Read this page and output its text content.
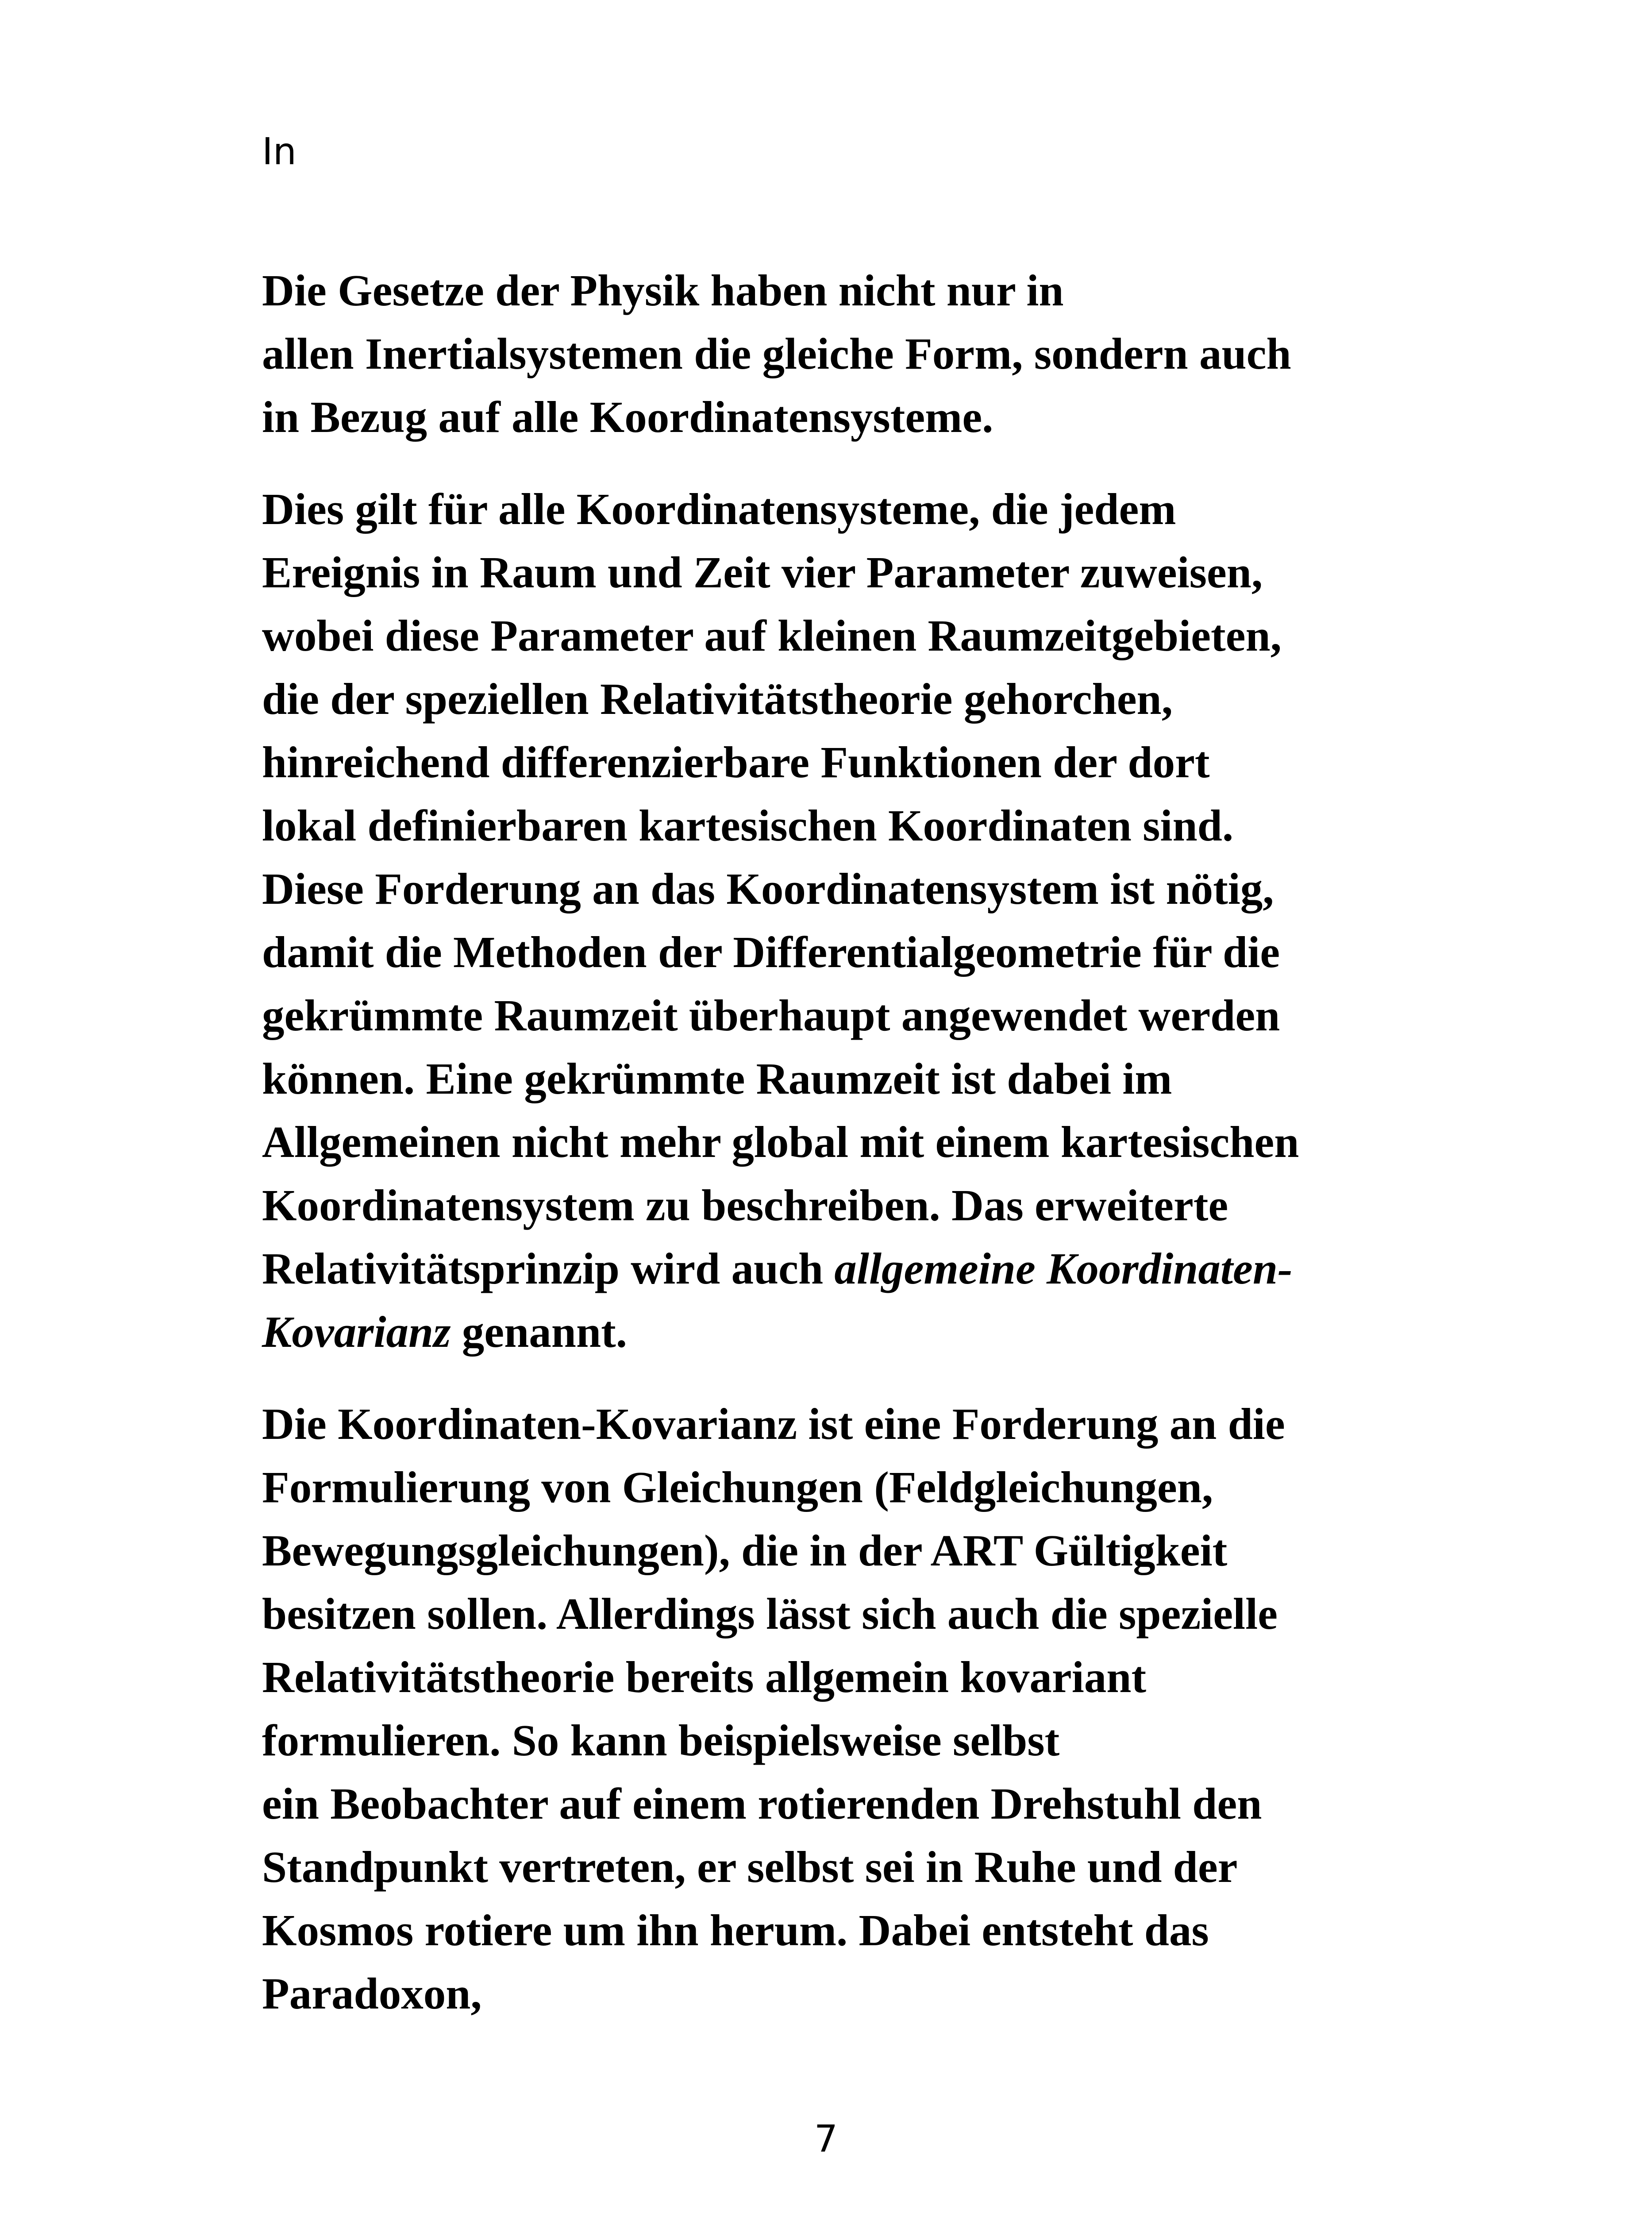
In
Die Gesetze der Physik haben nicht nur in
allen Inertialsystemen die gleiche Form, sondern auch
in Bezug auf alle Koordinatensysteme.
Dies gilt für alle Koordinatensysteme, die jedem
Ereignis in Raum und Zeit vier Parameter zuweisen,
wobei diese Parameter auf kleinen Raumzeitgebieten,
die der speziellen Relativitätstheorie gehorchen,
hinreichend differenzierbare Funktionen der dort
lokal definierbaren kartesischen Koordinaten sind.
Diese Forderung an das Koordinatensystem ist nötig,
damit die Methoden der Differentialgeometrie für die
gekrümmte Raumzeit überhaupt angewendet werden
können. Eine gekrümmte Raumzeit ist dabei im
Allgemeinen nicht mehr global mit einem kartesischen
Koordinatensystem zu beschreiben. Das erweiterte
Relativitätsprinzip wird auch allgemeine Koordinaten-
Kovarianz genannt.
Die Koordinaten-Kovarianz ist eine Forderung an die
Formulierung von Gleichungen (Feldgleichungen,
Bewegungsgleichungen), die in der ART Gültigkeit
besitzen sollen. Allerdings lässt sich auch die spezielle
Relativitätstheorie bereits allgemein kovariant
formulieren. So kann beispielsweise selbst
ein Beobachter auf einem rotierenden Drehstuhl den
Standpunkt vertreten, er selbst sei in Ruhe und der
Kosmos rotiere um ihn herum. Dabei entsteht das
Paradoxon,
7
